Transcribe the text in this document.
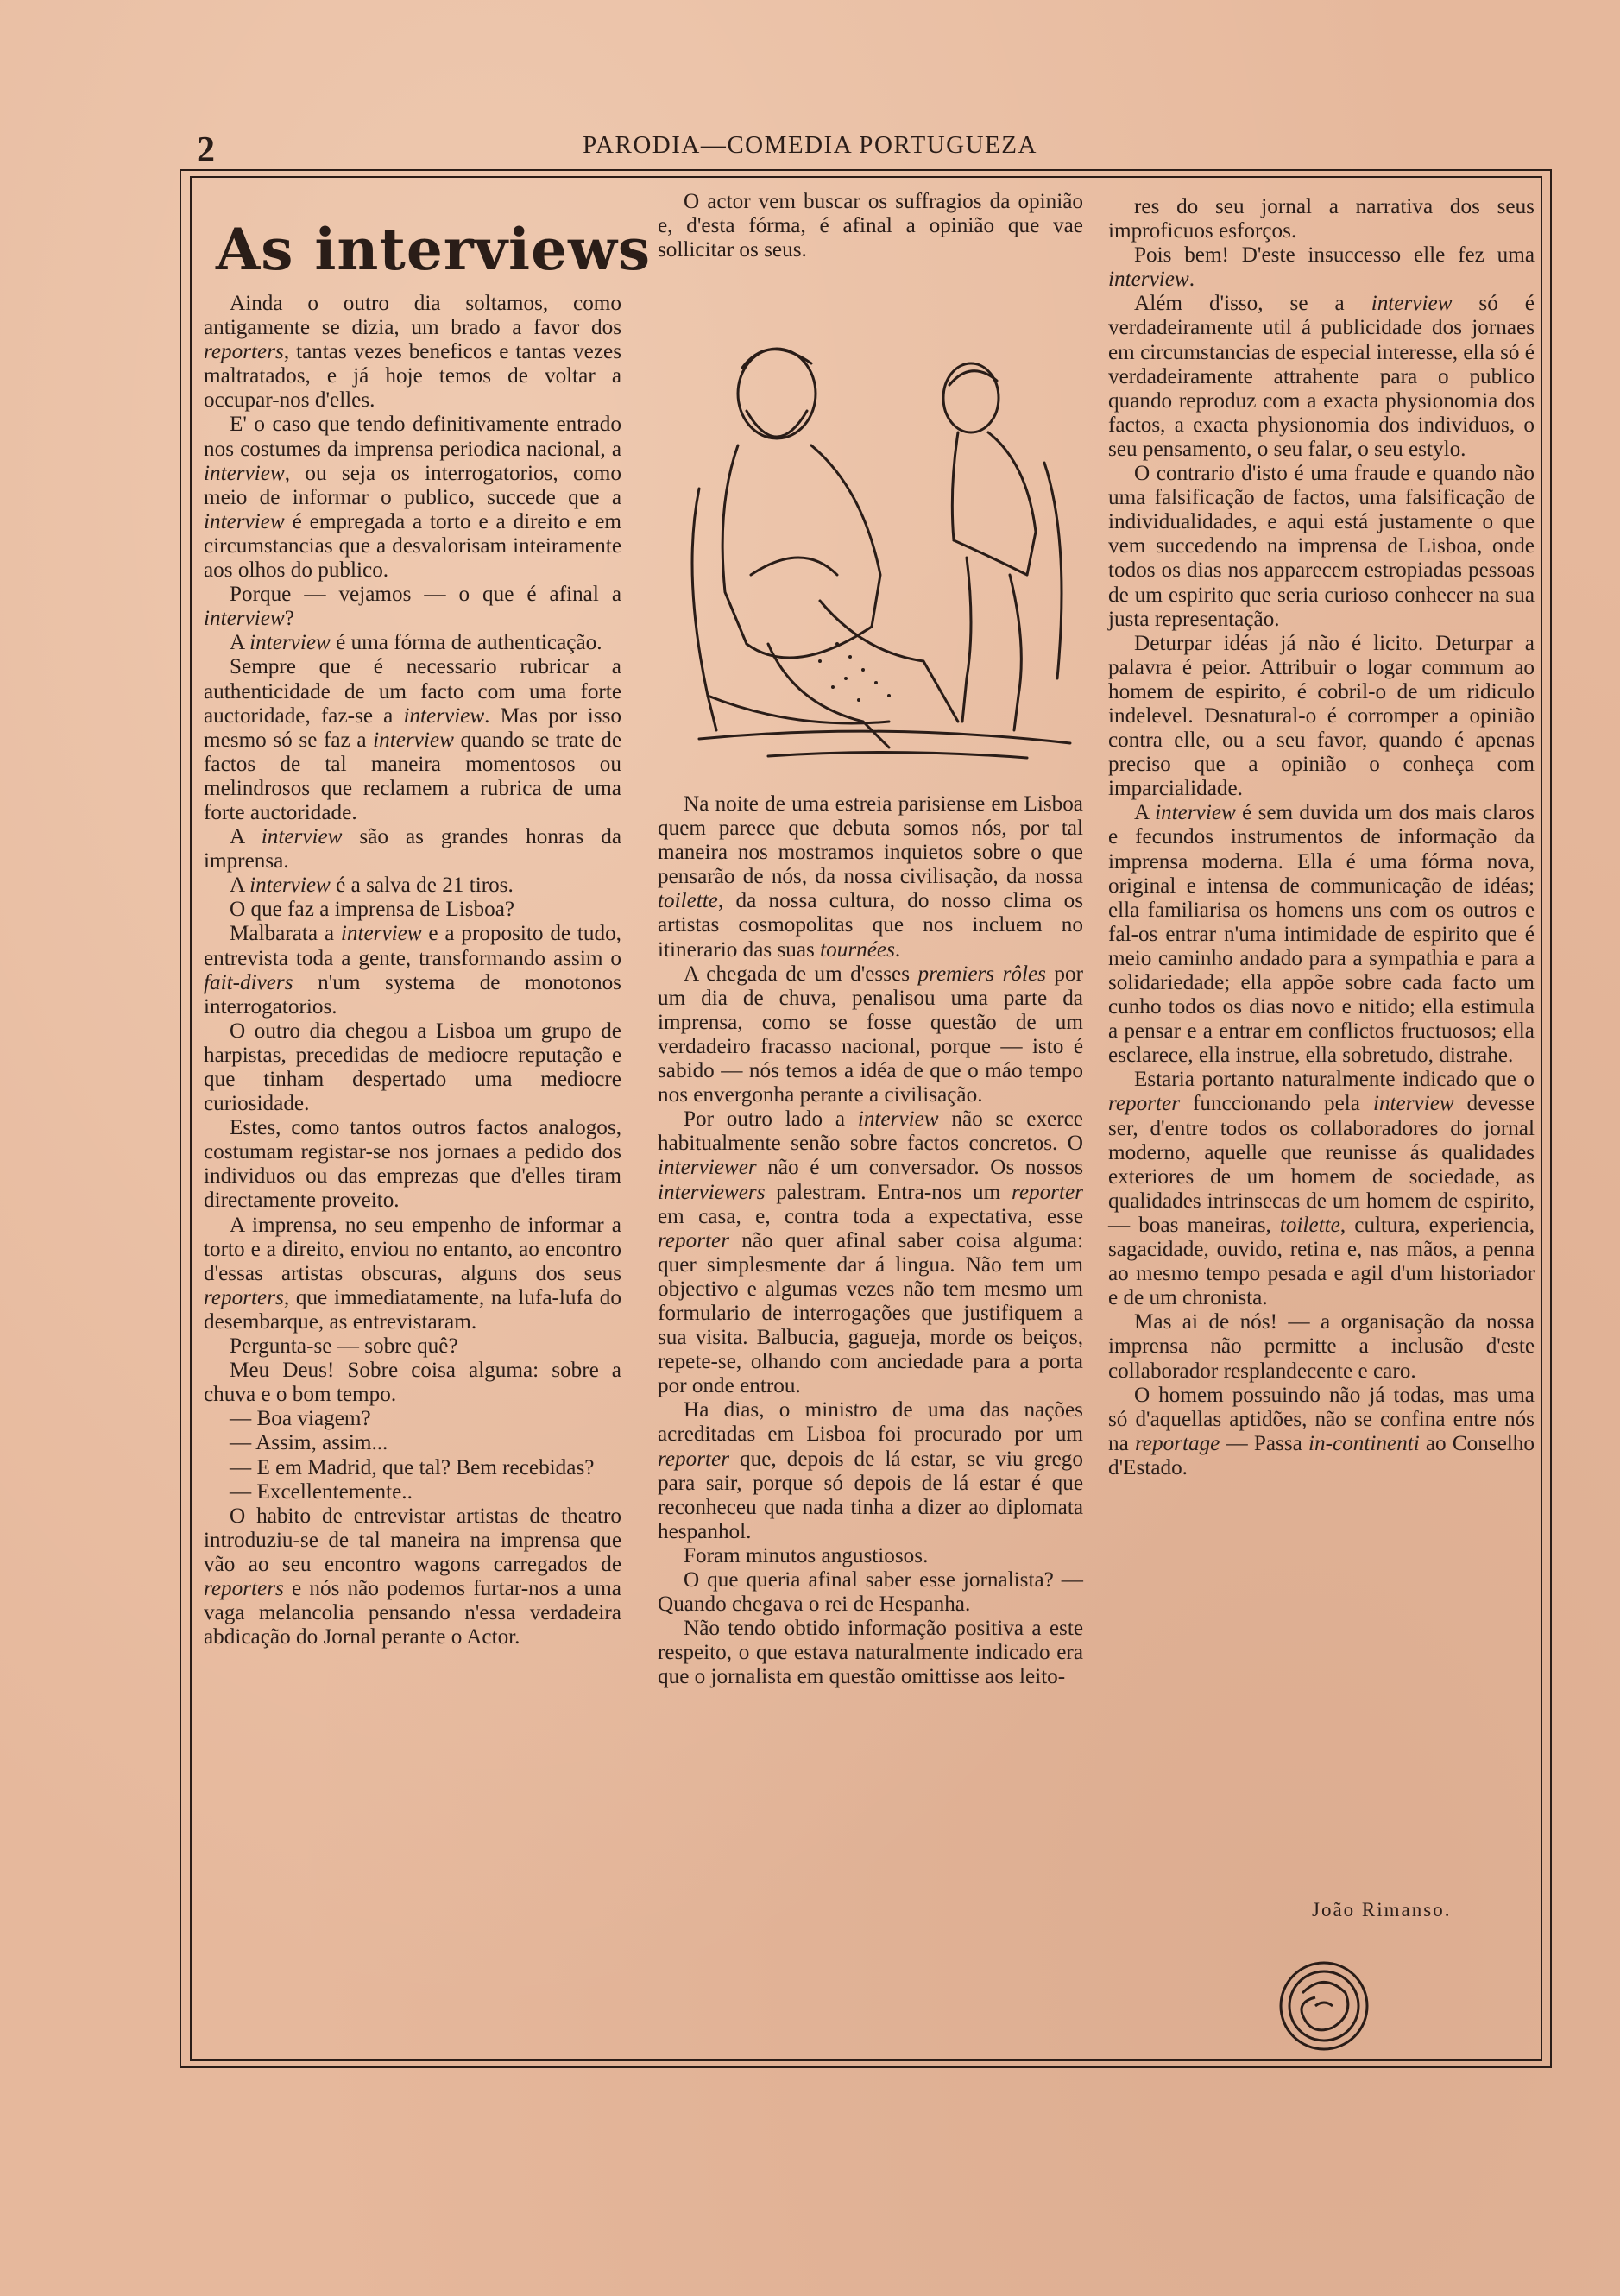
2	PARODIA—COMEDIA PORTUGUEZA
As interviews

Ainda o outro dia soltamos, como antigamente se dizia, um brado a favor dos reporters, tantas vezes beneficos e tantas vezes maltratados, e já hoje temos de voltar a occupar-nos d'elles.

E' o caso que tendo definitivamente entrado nos costumes da imprensa periodica nacional, a interview, ou seja os interrogatorios, como meio de informar o publico, succede que a interview é empregada a torto e a direito e em circumstancias que a desvalorisam inteiramente aos olhos do publico.

Porque — vejamos — o que é afinal a interview?

A interview é uma fórma de authenticação.

Sempre que é necessario rubricar a authenticidade de um facto com uma forte auctoridade, faz-se a interview. Mas por isso mesmo só se faz a interview quando se trate de factos de tal maneira momentosos ou melindrosos que reclamem a rubrica de uma forte auctoridade.

A interview são as grandes honras da imprensa.

A interview é a salva de 21 tiros.

O que faz a imprensa de Lisboa?

Malbarata a interview e a proposito de tudo, entrevista toda a gente, transformando assim o fait-divers n'um systema de monotonos interrogatorios.

O outro dia chegou a Lisboa um grupo de harpistas, precedidas de mediocre reputação e que tinham despertado uma mediocre curiosidade.

Estes, como tantos outros factos analogos, costumam registar-se nos jornaes a pedido dos individuos ou das emprezas que d'elles tiram directamente proveito.

A imprensa, no seu empenho de informar a torto e a direito, enviou no entanto, ao encontro d'essas artistas obscuras, alguns dos seus reporters, que immediatamente, na lufa-lufa do desembarque, as entrevistaram.

Pergunta-se — sobre quê?

Meu Deus! Sobre coisa alguma: sobre a chuva e o bom tempo.

— Boa viagem?

— Assim, assim...

— E em Madrid, que tal? Bem recebidas?

— Excellentemente..

O habito de entrevistar artistas de theatro introduziu-se de tal maneira na imprensa que vão ao seu encontro wagons carregados de reporters e nós não podemos furtar-nos a uma vaga melancolia pensando n'essa verdadeira abdicação do Jornal perante o Actor.

O actor vem buscar os suffragios da opinião e, d'esta fórma, é afinal a opinião que vae sollicitar os seus.

Na noite de uma estreia parisiense em Lisboa quem parece que debuta somos nós, por tal maneira nos mostramos inquietos sobre o que pensarão de nós, da nossa civilisação, da nossa toilette, da nossa cultura, do nosso clima os artistas cosmopolitas que nos incluem no itinerario das suas tournées.

A chegada de um d'esses premiers rôles por um dia de chuva, penalisou uma parte da imprensa, como se fosse questão de um verdadeiro fracasso nacional, porque — isto é sabido — nós temos a idéa de que o máo tempo nos envergonha perante a civilisação.

Por outro lado a interview não se exerce habitualmente senão sobre factos concretos. O interviewer não é um conversador. Os nossos interviewers palestram. Entra-nos um reporter em casa, e, contra toda a expectativa, esse reporter não quer afinal saber coisa alguma: quer simplesmente dar á lingua. Não tem um objectivo e algumas vezes não tem mesmo um formulario de interrogações que justifiquem a sua visita. Balbucia, gagueja, morde os beiços, repete-se, olhando com anciedade para a porta por onde entrou.

Ha dias, o ministro de uma das nações acreditadas em Lisboa foi procurado por um reporter que, depois de lá estar, se viu grego para sair, porque só depois de lá estar é que reconheceu que nada tinha a dizer ao diplomata hespanhol.

Foram minutos angustiosos.

O que queria afinal saber esse jornalista? — Quando chegava o rei de Hespanha.

Não tendo obtido informação positiva a este respeito, o que estava naturalmente indicado era que o jornalista em questão omittisse aos leito-

res do seu jornal a narrativa dos seus improficuos esforços.

Pois bem! D'este insuccesso elle fez uma interview.

Além d'isso, se a interview só é verdadeiramente util á publicidade dos jornaes em circumstancias de especial interesse, ella só é verdadeiramente attrahente para o publico quando reproduz com a exacta physionomia dos factos, a exacta physionomia dos individuos, o seu pensamento, o seu falar, o seu estylo.

O contrario d'isto é uma fraude e quando não uma falsificação de factos, uma falsificação de individualidades, e aqui está justamente o que vem succedendo na imprensa de Lisboa, onde todos os dias nos apparecem estropiadas pessoas de um espirito que seria curioso conhecer na sua justa representação.

Deturpar idéas já não é licito. Deturpar a palavra é peior. Attribuir o logar commum ao homem de espirito, é cobril-o de um ridiculo indelevel. Desnatural-o é corromper a opinião contra elle, ou a seu favor, quando é apenas preciso que a opinião o conheça com imparcialidade.

A interview é sem duvida um dos mais claros e fecundos instrumentos de informação da imprensa moderna. Ella é uma fórma nova, original e intensa de communicação de idéas; ella familiarisa os homens uns com os outros e fal-os entrar n'uma intimidade de espirito que é meio caminho andado para a sympathia e para a solidariedade; ella appõe sobre cada facto um cunho todos os dias novo e nitido; ella estimula a pensar e a entrar em conflictos fructuosos; ella esclarece, ella instrue, ella sobretudo, distrahe.

Estaria portanto naturalmente indicado que o reporter funccionando pela interview devesse ser, d'entre todos os collaboradores do jornal moderno, aquelle que reunisse ás qualidades exteriores de um homem de sociedade, as qualidades intrinsecas de um homem de espirito, — boas maneiras, toilette, cultura, experiencia, sagacidade, ouvido, retina e, nas mãos, a penna ao mesmo tempo pesada e agil d'um historiador e de um chronista.

Mas ai de nós! — a organisação da nossa imprensa não permitte a inclusão d'este collaborador resplandecente e caro.

O homem possuindo não já todas, mas uma só d'aquellas aptidões, não se confina entre nós na reportage — Passa in-continenti ao Conselho d'Estado.

João Rimanso.
